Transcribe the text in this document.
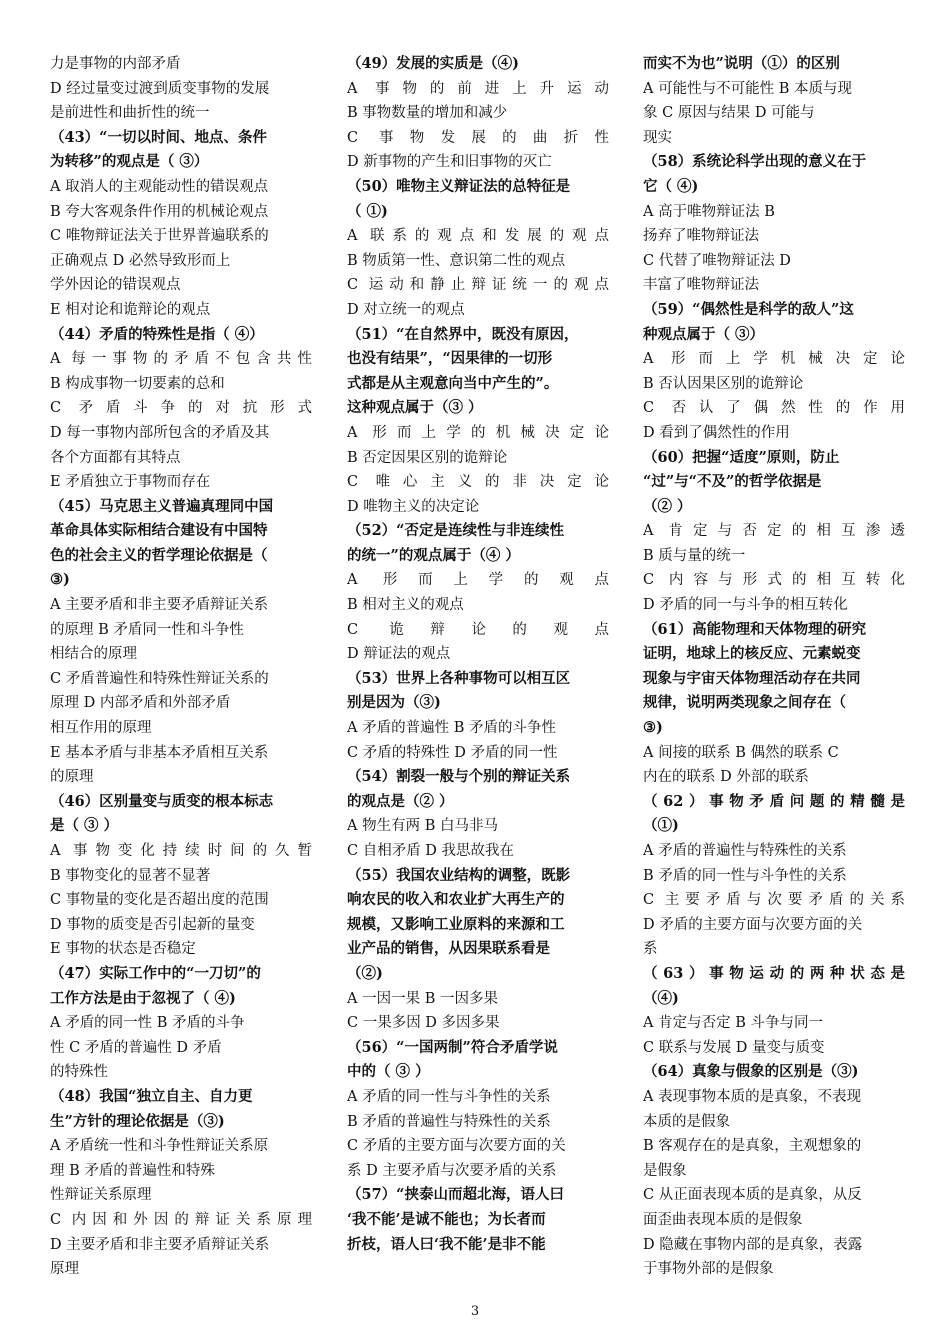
力是事物的内部矛盾
D 经过量变过渡到质变事物的发展
是前进性和曲折性的统一
（43）“一切以时间、地点、条件
为转移”的观点是（ ③）
A 取消人的主观能动性的错误观点
B 夸大客观条件作用的机械论观点
C 唯物辩证法关于世界普遍联系的
正确观点 D 必然导致形而上
学外因论的错误观点
E 相对论和诡辩论的观点
（44）矛盾的特殊性是指（ ④）
A 每一事物的矛盾不包含共性
B 构成事物一切要素的总和
C 矛盾斗争的对抗形式
D 每一事物内部所包含的矛盾及其
各个方面都有其特点
E 矛盾独立于事物而存在
（45）马克思主义普遍真理同中国
革命具体实际相结合建设有中国特
色的社会主义的哲学理论依据是（
③)
A 主要矛盾和非主要矛盾辩证关系
的原理 B 矛盾同一性和斗争性
相结合的原理
C 矛盾普遍性和特殊性辩证关系的
原理 D 内部矛盾和外部矛盾
相互作用的原理
E 基本矛盾与非基本矛盾相互关系
的原理
（46）区别量变与质变的根本标志
是（ ③ ）
A 事物变化持续时间的久暂
B 事物变化的显著不显著
C 事物量的变化是否超出度的范围
D 事物的质变是否引起新的量变
E 事物的状态是否稳定
（47）实际工作中的“一刀切”的
工作方法是由于忽视了（ ④)
A 矛盾的同一性 B 矛盾的斗争
性 C 矛盾的普遍性 D 矛盾
的特殊性
（48）我国“独立自主、自力更
生”方针的理论依据是（③)
A 矛盾统一性和斗争性辩证关系原
理 B 矛盾的普遍性和特殊
性辩证关系原理
C 内因和外因的辩证关系原理
D 主要矛盾和非主要矛盾辩证关系
原理
（49）发展的实质是（④)
A 事物的前进上升运动
B 事物数量的增加和减少
C 事物发展的曲折性
D 新事物的产生和旧事物的灭亡
（50）唯物主义辩证法的总特征是
（ ①)
A 联系的观点和发展的观点
B 物质第一性、意识第二性的观点
C 运动和静止辩证统一的观点
D 对立统一的观点
（51）“在自然界中，既没有原因，
也没有结果”，“因果律的一切形
式都是从主观意向当中产生的”。
这种观点属于（③ ）
A 形而上学的机械决定论
B 否定因果区别的诡辩论
C 唯心主义的非决定论
D 唯物主义的决定论
（52）“否定是连续性与非连续性
的统一”的观点属于（④ ）
A 形而上学的观点
B 相对主义的观点
C 诡辩论的观点
D 辩证法的观点
（53）世界上各种事物可以相互区
别是因为（③)
A 矛盾的普遍性 B 矛盾的斗争性
C 矛盾的特殊性 D 矛盾的同一性
（54）割裂一般与个别的辩证关系
的观点是（② ）
A 物生有两 B 白马非马
C 自相矛盾 D 我思故我在
（55）我国农业结构的调整，既影
响农民的收入和农业扩大再生产的
规模，又影响工业原料的来源和工
业产品的销售，从因果联系看是
（②)
A 一因一果 B 一因多果
C 一果多因 D 多因多果
（56）“一国两制”符合矛盾学说
中的（ ③ ）
A 矛盾的同一性与斗争性的关系
B 矛盾的普遍性与特殊性的关系
C 矛盾的主要方面与次要方面的关
系 D 主要矛盾与次要矛盾的关系
（57）“挟泰山而超北海，语人曰
‘我不能’是诚不能也；为长者而
折枝，语人曰‘我不能’是非不能
而实不为也”说明（①）的区别
A 可能性与不可能性 B 本质与现
象 C 原因与结果 D 可能与
现实
（58）系统论科学出现的意义在于
它（ ④)
A 高于唯物辩证法 B
扬弃了唯物辩证法
C 代替了唯物辩证法 D
丰富了唯物辩证法
（59）“偶然性是科学的敌人”这
种观点属于（ ③）
A 形而上学机械决定论
B 否认因果区别的诡辩论
C 否认了偶然性的作用
D 看到了偶然性的作用
（60）把握“适度”原则，防止
“过”与“不及”的哲学依据是
（② ）
A 肯定与否定的相互渗透
B 质与量的统一
C 内容与形式的相互转化
D 矛盾的同一与斗争的相互转化
（61）高能物理和天体物理的研究
证明，地球上的核反应、元素蜕变
现象与宇宙天体物理活动存在共同
规律，说明两类现象之间存在（
③)
A 间接的联系 B 偶然的联系 C
内在的联系 D 外部的联系
（62）事物矛盾问题的精髓是
（①)
A 矛盾的普遍性与特殊性的关系
B 矛盾的同一性与斗争性的关系
C 主要矛盾与次要矛盾的关系
D 矛盾的主要方面与次要方面的关
系
（63）事物运动的两种状态是
（④)
A 肯定与否定 B 斗争与同一
C 联系与发展 D 量变与质变
（64）真象与假象的区别是（③)
A 表现事物本质的是真象，不表现
本质的是假象
B 客观存在的是真象，主观想象的
是假象
C 从正面表现本质的是真象，从反
面歪曲表现本质的是假象
D 隐藏在事物内部的是真象，表露
于事物外部的是假象
3
